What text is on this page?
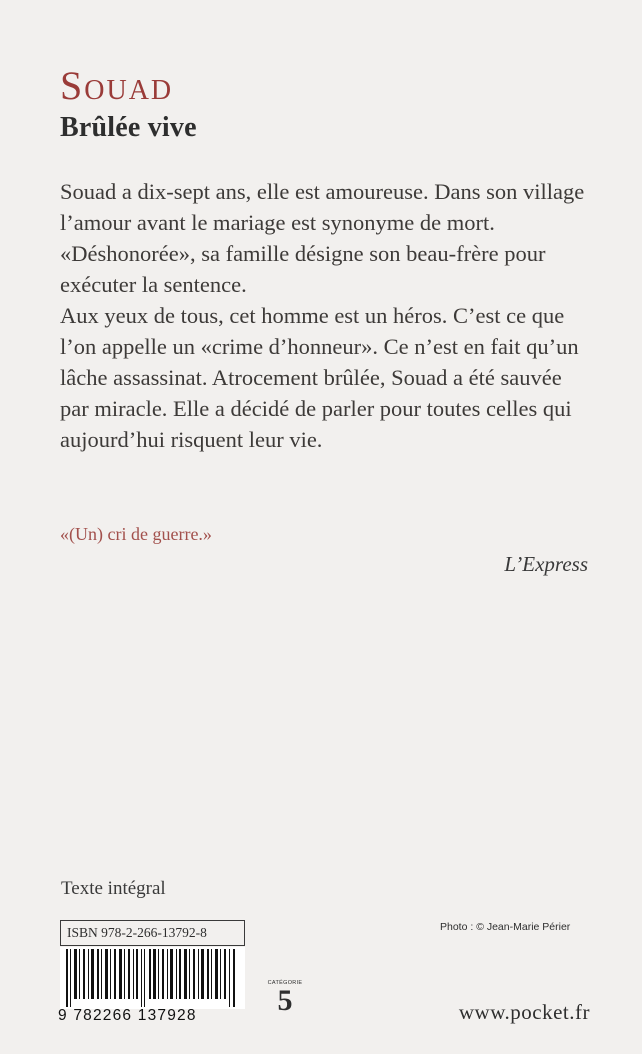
Souad
Brûlée vive

Souad a dix-sept ans, elle est amoureuse. Dans son village l’amour avant le mariage est synonyme de mort. «Déshonorée», sa famille désigne son beau-frère pour exécuter la sentence.

Aux yeux de tous, cet homme est un héros. C’est ce que l’on appelle un «crime d’honneur». Ce n’est en fait qu’un lâche assassinat. Atrocement brûlée, Souad a été sauvée par miracle. Elle a décidé de parler pour toutes celles qui aujourd’hui risquent leur vie.

«(Un) cri de guerre.»
L’Express
Texte intégral
ISBN 978-2-266-13792-8	Photo : © Jean-Marie Périer
9 782266 137928
CATÉGORIE
5	www.pocket.fr
